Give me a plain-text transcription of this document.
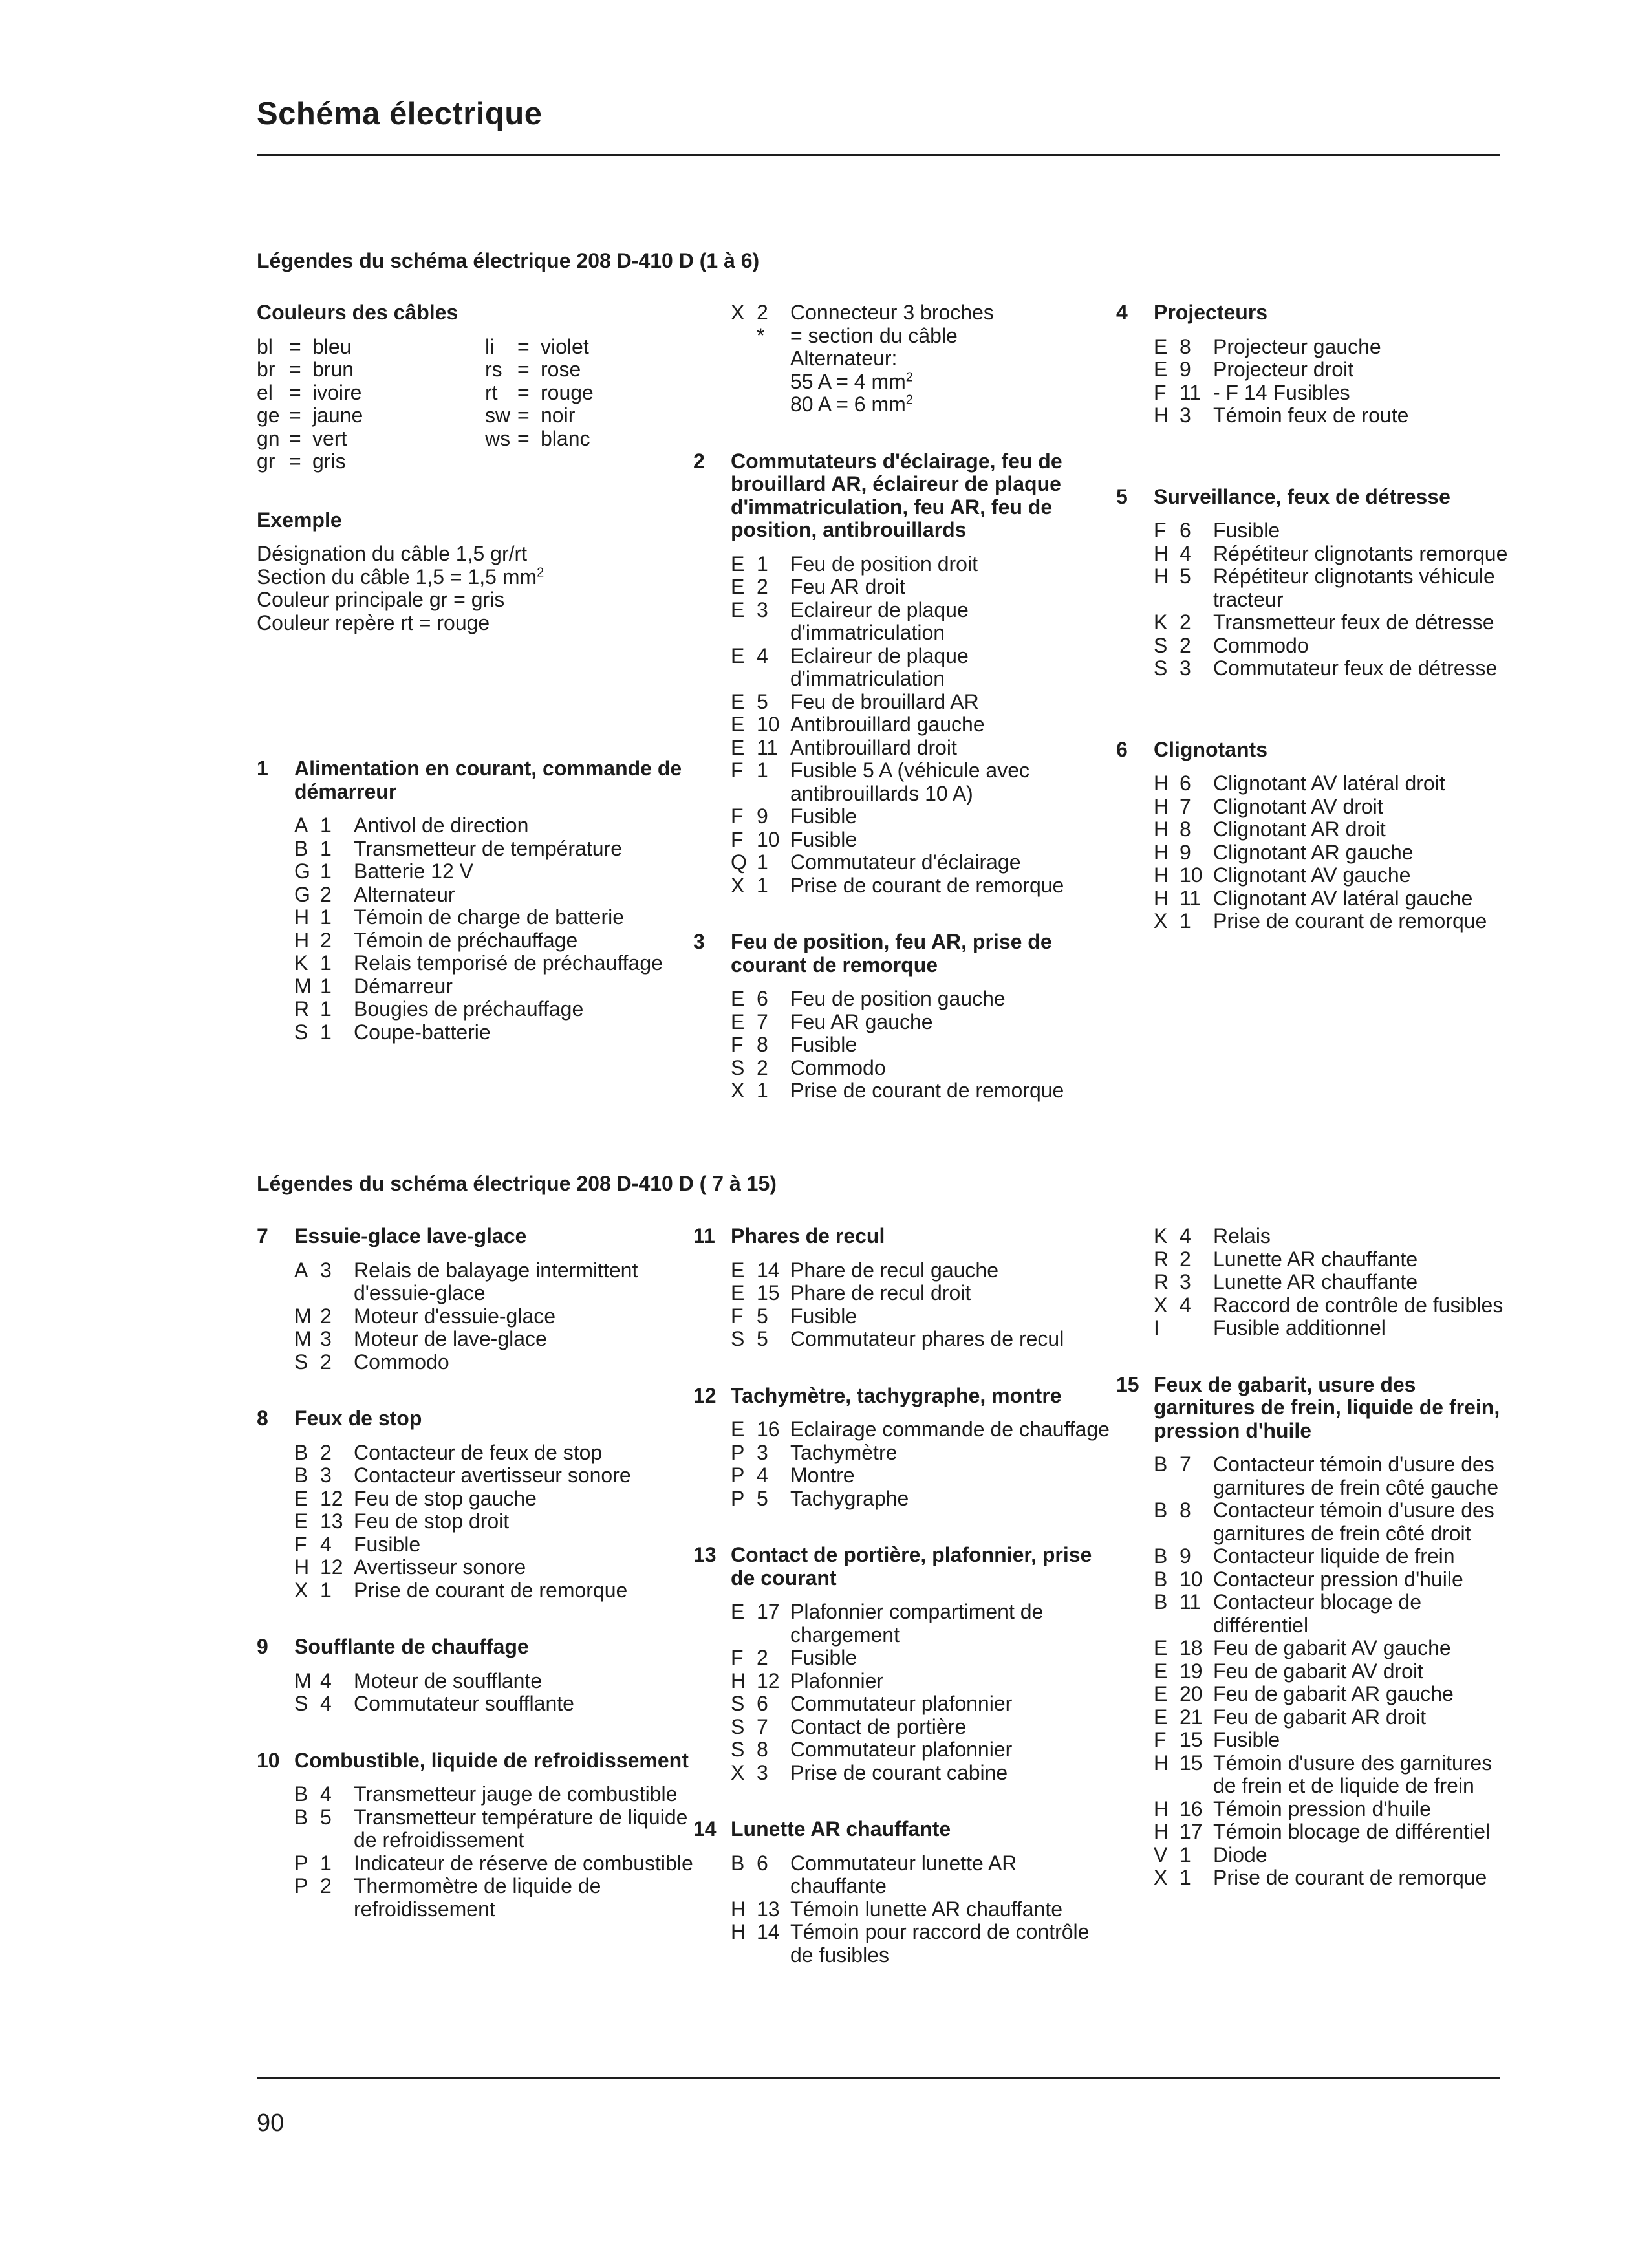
Schéma électrique
Légendes du schéma électrique 208 D-410 D (1 à 6)
Couleurs des câbles
bl = bleu	li	= violet
br = brun	rs = rose
el = ivoire	rt = rouge
ge = jaune	sw = noir
gn = vert	ws = blanc
gr = gris
Exemple
Désignation du câble 1,5 gr/rt
Section du câble 1,5 = 1,5 $mm^2$
Couleur principale gr = gris
Couleur repère rt = rouge
1	Alimentation en courant, commande de démarreur
A 1	Antivol de direction
B 1	Transmetteur de température
G 1	Batterie 12 V
G 2	Alternateur
H 1	Témoin de charge de batterie
H 2	Témoin de préchauffage
K 1	Relais temporisé de préchauffage
M 1	Démarreur
R 1	Bougies de préchauffage
S 1	Coupe-batterie
X 2	Connecteur 3 broches
*	= section du câble
Alternateur:
55 A = 4 $mm^2$
80 A = 6 $mm^2$
2	Commutateurs d'éclairage, feu de brouillard AR, éclaireur de plaque d'immatriculation, feu AR, feu de position, antibrouillards
E 1	Feu de position droit
E 2	Feu AR droit
E 3	Eclaireur de plaque d'immatriculation
E 4	Eclaireur de plaque d'immatriculation
E 5	Feu de brouillard AR
E 10 Antibrouillard gauche
E 11 Antibrouillard droit
F 1	Fusible 5 A (véhicule avec antibrouillards 10 A)
F 9	Fusible
F 10 Fusible
Q 1	Commutateur d'éclairage
X 1	Prise de courant de remorque
3	Feu de position, feu AR, prise de courant de remorque
E 6	Feu de position gauche
E 7	Feu AR gauche
F 8	Fusible
S 2	Commodo
X 1	Prise de courant de remorque
4	Projecteurs
E 8	Projecteur gauche
E 9	Projecteur droit
F 11 - F 14 Fusibles
H 3	Témoin feux de route
5	Surveillance, feux de détresse
F 6	Fusible
H 4	Répétiteur clignotants remorque
H 5	Répétiteur clignotants véhicule tracteur
K 2	Transmetteur feux de détresse
S 2	Commodo
S 3	Commutateur feux de détresse
6	Clignotants
H 6	Clignotant AV latéral droit
H 7	Clignotant AV droit
H 8	Clignotant AR droit
H 9	Clignotant AR gauche
H 10 Clignotant AV gauche
H 11 Clignotant AV latéral gauche
X 1	Prise de courant de remorque
Légendes du schéma électrique 208 D-410 D ( 7 à 15)
7	Essuie-glace lave-glace
A 3	Relais de balayage intermittent d'essuie-glace
M 2	Moteur d'essuie-glace
M 3	Moteur de lave-glace
S 2	Commodo
8	Feux de stop
B 2	Contacteur de feux de stop
B 3	Contacteur avertisseur sonore
E 12 Feu de stop gauche
E 13 Feu de stop droit
F 4	Fusible
H 12 Avertisseur sonore
X 1	Prise de courant de remorque
9	Soufflante de chauffage
M 4	Moteur de soufflante
S 4	Commutateur soufflante
10 Combustible, liquide de refroidissement
B 4	Transmetteur jauge de combustible
B 5	Transmetteur température de liquide de refroidissement
P 1	Indicateur de réserve de combustible
P 2	Thermomètre de liquide de refroidissement
11 Phares de recul
E 14 Phare de recul gauche
E 15 Phare de recul droit
F 5	Fusible
S 5	Commutateur phares de recul
12 Tachymètre, tachygraphe, montre
E 16 Eclairage commande de chauffage
P 3	Tachymètre
P 4	Montre
P 5	Tachygraphe
13 Contact de portière, plafonnier, prise de courant
E 17 Plafonnier compartiment de chargement
F 2	Fusible
H 12 Plafonnier
S 6	Commutateur plafonnier
S 7	Contact de portière
S 8	Commutateur plafonnier
X 3	Prise de courant cabine
14 Lunette AR chauffante
B 6	Commutateur lunette AR chauffante
H 13 Témoin lunette AR chauffante
H 14 Témoin pour raccord de contrôle de fusibles
K 4	Relais
R 2	Lunette AR chauffante
R 3	Lunette AR chauffante
X 4	Raccord de contrôle de fusibles
I	Fusible additionnel
15 Feux de gabarit, usure des garnitures de frein, liquide de frein, pression d'huile
B 7	Contacteur témoin d'usure des garnitures de frein côté gauche
B 8	Contacteur témoin d'usure des garnitures de frein côté droit
B 9	Contacteur liquide de frein
B 10 Contacteur pression d'huile
B 11 Contacteur blocage de différentiel
E 18 Feu de gabarit AV gauche
E 19 Feu de gabarit AV droit
E 20 Feu de gabarit AR gauche
E 21 Feu de gabarit AR droit
F 15 Fusible
H 15 Témoin d'usure des garnitures de frein et de liquide de frein
H 16 Témoin pression d'huile
H 17 Témoin blocage de différentiel
V 1	Diode
X 1	Prise de courant de remorque
90
